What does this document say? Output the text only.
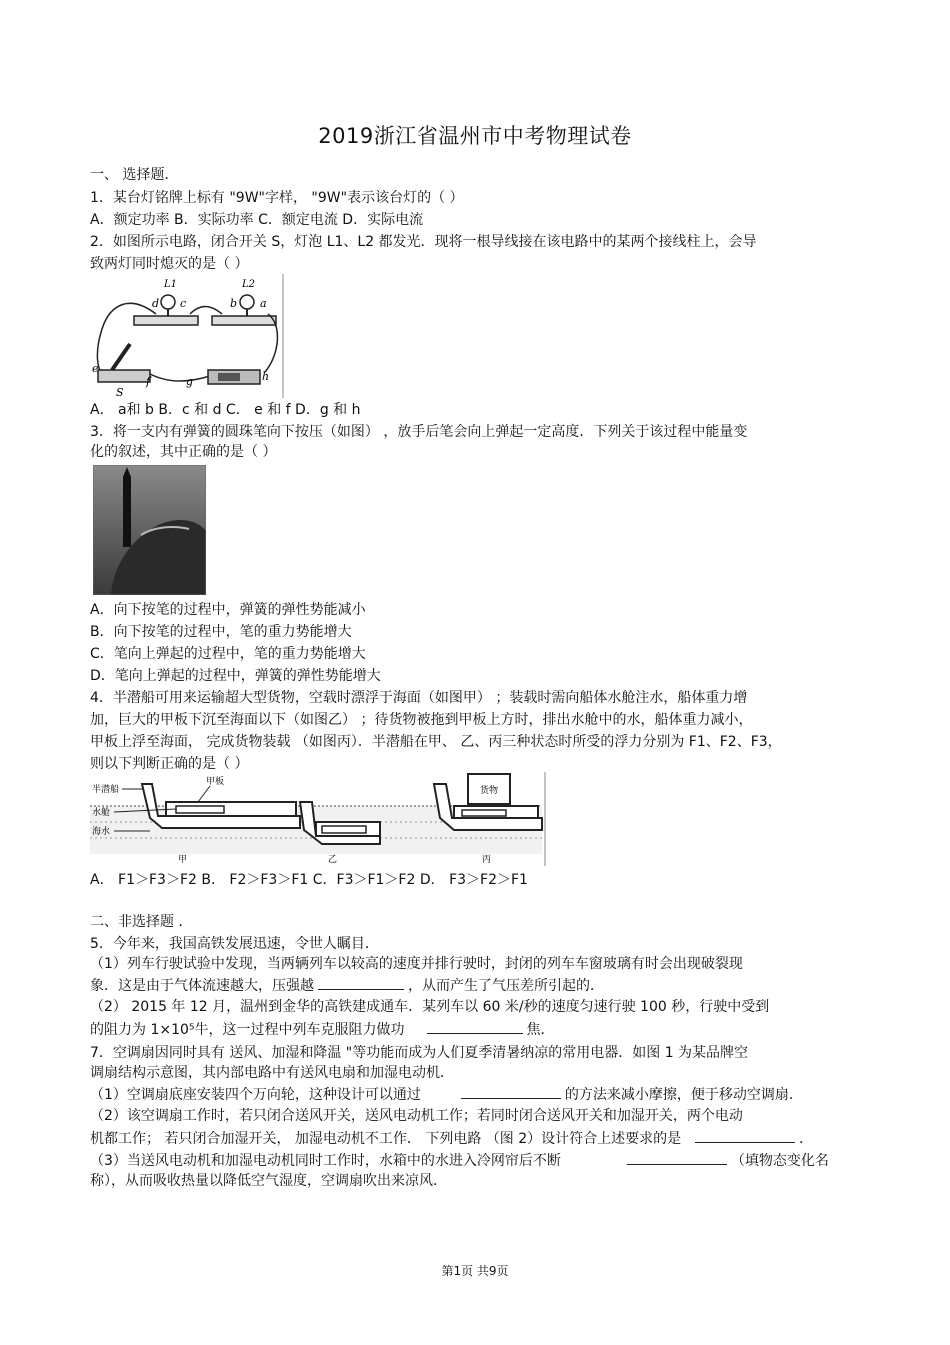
2019浙江省温州市中考物理试卷
一、 选择题．
1．某台灯铭牌上标有 "9W"字样， "9W"表示该台灯的（ ）
A．额定功率 B．实际功率 C．额定电流 D．实际电流
2．如图所示电路，闭合开关 S，灯泡 L1、L2 都发光．现将一根导线接在该电路中的某两个接线柱上，会导
致两灯同时熄灭的是（ ）
L1	L2
d c	b a
e
f	g	h
S
A． a和 b B．c 和 d C． e 和 f D．g 和 h
3．将一支内有弹簧的圆珠笔向下按压（如图） ，放手后笔会向上弹起一定高度．下列关于该过程中能量变
化的叙述，其中正确的是（ ）
A．向下按笔的过程中，弹簧的弹性势能减小
B．向下按笔的过程中，笔的重力势能增大
C．笔向上弹起的过程中，笔的重力势能增大
D．笔向上弹起的过程中，弹簧的弹性势能增大
4．半潜船可用来运输超大型货物，空载时漂浮于海面（如图甲） ；装载时需向船体水舱注水，船体重力增
加，巨大的甲板下沉至海面以下（如图乙） ；待货物被拖到甲板上方时，排出水舱中的水，船体重力减小，
甲板上浮至海面， 完成货物装载 （如图丙）．半潜船在甲、 乙、丙三种状态时所受的浮力分别为 F1、F2、F3，
则以下判断正确的是（ ）
半潜船
甲板
水舱
海水
甲	乙	丙
货物
A． F1＞F3＞F2 B． F2＞F3＞F1 C．F3＞F1＞F2 D． F3＞F2＞F1
二、非选择题 ．
5．今年来，我国高铁发展迅速，令世人瞩目．
（1）列车行驶试验中发现，当两辆列车以较高的速度并排行驶时，封闭的列车车窗玻璃有时会出现破裂现
象．这是由于气体流速越大，压强越	，从而产生了气压差所引起的．
（2） 2015 年 12 月，温州到金华的高铁建成通车．某列车以 60 米/秒的速度匀速行驶 100 秒，行驶中受到
的阻力为 1×10⁵牛，这一过程中列车克服阻力做功	焦．
7．空调扇因同时具有 送风、加湿和降温 "等功能而成为人们夏季清暑纳凉的常用电器．如图 1 为某品牌空
调扇结构示意图，其内部电路中有送风电扇和加湿电动机．
（1）空调扇底座安装四个万向轮，这种设计可以通过	的方法来减小摩擦，便于移动空调扇．
（2）该空调扇工作时，若只闭合送风开关，送风电动机工作；若同时闭合送风开关和加湿开关，两个电动
机都工作； 若只闭合加湿开关， 加湿电动机不工作． 下列电路 （图 2）设计符合上述要求的是	．
（3）当送风电动机和加湿电动机同时工作时，水箱中的水进入冷网帘后不断	（填物态变化名
称），从而吸收热量以降低空气湿度，空调扇吹出来凉风．
第1页 共9页
